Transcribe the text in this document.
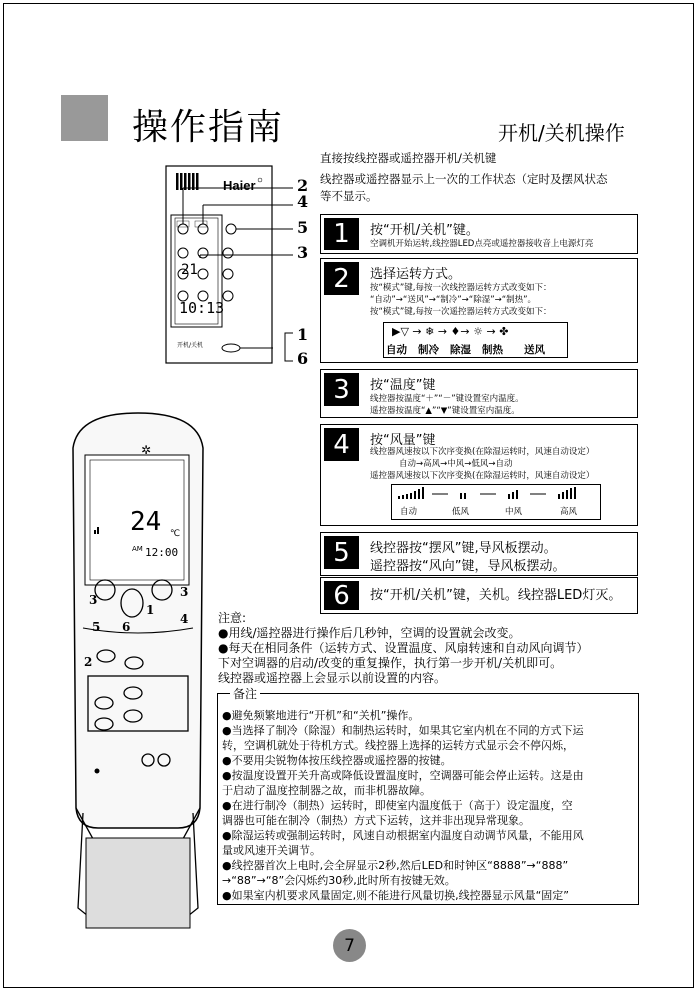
操作指南	开机/关机操作
直接按线控器或遥控器开机/关机键
线控器或遥控器显示上一次的工作状态（定时及摆风状态
等不显示。
Haier
21
10:13
开机/关机
2
4
5
3
1
6
✲
24 ℃
AM 12:00
3
5 6
1
3
4
2
1	按“开机/关机”键。
空调机开始运转,线控器LED点亮或遥控器接收音上电源灯亮
2	选择运转方式。
按“模式”键,每按一次线控器运转方式改变如下：
“自动”→“送风”→“制冷”→“除湿”→“制热”。
按“模式”键,每按一次遥控器运转方式改变如下：
▶▽ → ❄ → ♦→ ☼ → ✤
自动 制冷 除湿 制热 送风
3	按“温度”键
线控器按温度“＋”“－”键设置室内温度。
遥控器按温度“▲”“▼”键设置室内温度。
4	按“风量”键
线控器风速按以下次序变换(在除湿运转时，风速自动设定）
自动→高风→中风→低风→自动
遥控器风速按以下次序变换(在除湿运转时，风速自动设定）
自动	低风	中风	高风
5	线控器按“摆风”键,导风板摆动。
遥控器按“风向”键，导风板摆动。
6	按“开机/关机”键，关机。线控器LED灯灭。
注意:
●用线/遥控器进行操作后几秒钟，空调的设置就会改变。
●每天在相同条件（运转方式、设置温度、风扇转速和自动风向调节）
下对空调器的启动/改变的重复操作，执行第一步开机/关机即可。
线控器或遥控器上会显示以前设置的内容。
备注
●避免频繁地进行“开机”和“关机”操作。
●当选择了制冷（除湿）和制热运转时，如果其它室内机在不同的方式下运
转，空调机就处于待机方式。线控器上选择的运转方式显示会不停闪烁，
●不要用尖锐物体按压线控器或遥控器的按键。
●按温度设置开关升高或降低设置温度时，空调器可能会停止运转。这是由
于启动了温度控制器之故，而非机器故障。
●在进行制冷（制热）运转时，即使室内温度低于（高于）设定温度，空
调器也可能在制冷（制热）方式下运转，这并非出现异常现象。
●除湿运转或强制运转时，风速自动根据室内温度自动调节风量，不能用风
量或风速开关调节。
●线控器首次上电时,会全屏显示2秒,然后LED和时钟区“8888”→“888”
→“88”→“8”会闪烁约30秒,此时所有按键无效。
●如果室内机要求风量固定,则不能进行风量切换,线控器显示风量“固定”
7
